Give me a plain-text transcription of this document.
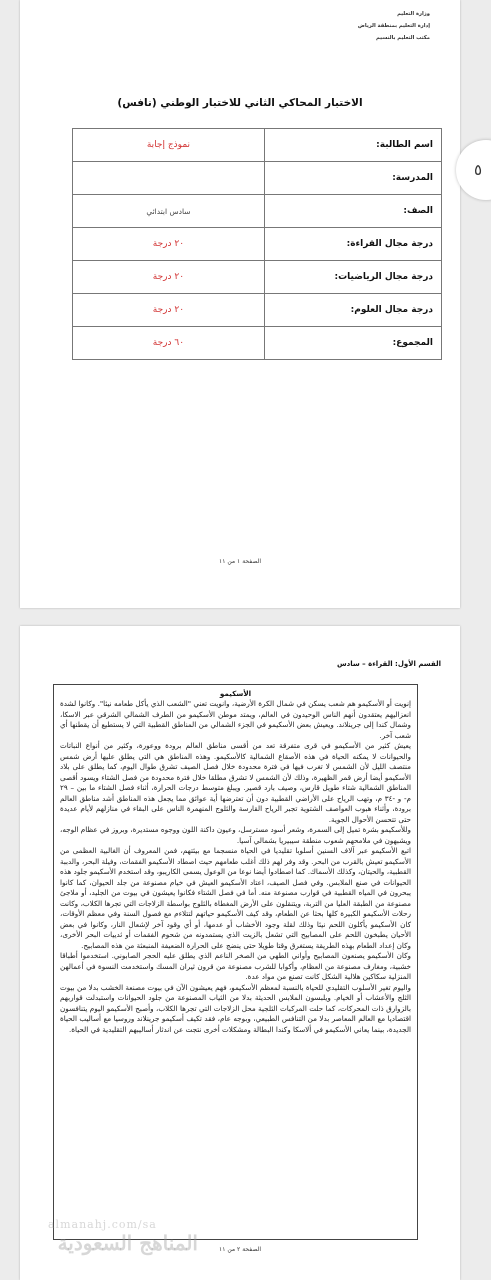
وزارة التعليم
إدارة التعليم بمنطقة الرياض
مكتب التعليم بالنسيم
الاختبار المحاكي الثاني للاختبار الوطني (نافس)
اسم الطالبة:	نموذج إجابة
المدرسة:	
الصف:	سادس ابتدائي
درجة مجال القراءة:	٢٠ درجة
درجة مجال الرياضيات:	٢٠ درجة
درجة مجال العلوم:	٢٠ درجة
المجموع:	٦٠ درجة
الصفحة ١ من ١١
٥
القسم الأول: القراءة – سادس
الأسكيمو

إنويت أو الأسكيمو هم شعب يسكن في شمال الكرة الأرضية، وانويت تعني "الشعب الذي يأكل طعامه نيئا". وكانوا لشدة انعزاليهم يعتقدون أنهم الناس الوحيدون في العالم، ويمتد موطن الأسكيمو من الطرف الشمالي الشرقي عبر الاسكا، وشمال كندا إلى جرينلاند. ويعيش بعض الأسكيمو في الجزء الشمالي من المناطق القطبية التي لا يستطيع أن يقطنها أي شعب آخر.

يعيش كثير من الأسكيمو في قرى متفرقة تعد من أقسى مناطق العالم برودة ووعورة، وكثير من أنواع النباتات والحيوانات لا يمكنه الحياة في هذه الأصقاع الشمالية كالأسكيمو. وهذه المناطق هي التي يطلق عليها أرض شمس منتصف الليل لأن الشمس لا تغرب فيها في فترة محدودة خلال فصل الصيف تشرق طوال اليوم، كما يطلق على بلاد الأسكيمو أيضا أرض قمر الظهيرة، وذلك لأن الشمس لا تشرق مطلقا خلال فترة محدودة من فصل الشتاء ويسود أقصى المناطق الشمالية شتاء طويل قارس، وصيف بارد قصير. ويبلغ متوسط درجات الحرارة، أثناء فصل الشتاء ما بين – ٢٩ م- و -٣٤ م، وتهب الرياح على الأراضي القطبية دون أن تعترضها أية عوائق مما يجعل هذه المناطق أشد مناطق العالم برودة، وأثناء هبوب العواصف الشتوية تجبر الرياح القارسة والثلوج المنهمرة الناس على البقاء في منازلهم لأيام عديدة حتى تتحسن الأحوال الجوية.

وللأسكيمو بشرة تميل إلى السمرة، وشعر أسود مسترسل، وعيون داكنة اللون ووجوه مستديرة، وبروز في عظام الوجه، ويشبهون في ملامحهم شعوب منطقة سيبيريا بشمالي آسيا.

اتبع الأسكيمو عبر آلاف السنين أسلوبا تقليديا في الحياة منسجما مع بيئتهم، فمن المعروف أن الغالبية العظمى من الأسكيمو تعيش بالقرب من البحر. وقد وفر لهم ذلك أغلب طعامهم حيث اصطاد الأسكيمو الفقمات، وفيلة البحر، والدببة القطبية، والحيتان، وكذلك الأسماك. كما اصطادوا أيضا نوعا من الوعول يسمى الكاريبو، وقد استخدم الأسكيمو جلود هذه الحيوانات في صنع الملابس. وفي فصل الصيف، اعتاد الأسكيمو العيش في خيام مصنوعة من جلد الحيوان، كما كانوا يبحرون في المياه القطبية في قوارب مصنوعة منه. أما في فصل الشتاء فكانوا يعيشون في بيوت من الجليد، أو ملاجئ مصنوعة من الطبقة العليا من التربة، ويتنقلون على الأرض المغطاة بالثلوج بواسطة الزلاجات التي تجرها الكلاب، وكانت رحلات الأسكيمو الكبيرة كلها بحثا عن الطعام، وقد كيف الأسكيمو حياتهم لتتلاءم مع فصول السنة وفي معظم الأوقات، كان الأسكيمو يأكلون اللحم نيئا وذلك لقلة وجود الأخشاب أو عدمها، أو أي وقود آخر لإشعال النار، وكانوا في بعض الأحيان يطبخون اللحم على المصابيح التي تشعل بالزيت الذي يستمدونه من شحوم الفقمات أو ثدييات البحر الأخرى، وكان إعداد الطعام بهذه الطريقة يستغرق وقتا طويلا حتى ينضج على الحرارة الضعيفة المنبعثة من هذه المصابيح.

وكان الأسكيمو يصنعون المصابيح وأواني الطهي من الصخر الناعم الذي يطلق عليه الحجر الصابوني. استخدموا أطباقا خشبية، ومغارف مصنوعة من العظام، وأكوابا للشرب مصنوعة من قرون ثيران المسك واستخدمت النسوة في أعمالهن المنزلية سكاكين هلالية الشكل كانت تصنع من مواد عدة.

واليوم تغير الأسلوب التقليدي للحياة بالنسبة لمعظم الأسكيمو، فهم يعيشون الآن في بيوت مصنعة الخشب بدلا من بيوت الثلج والأعشاب أو الخيام. ويلبسون الملابس الحديثة بدلا من الثياب المصنوعة من جلود الحيوانات واستبدلت قواربهم بالزوارق ذات المحركات، كما حلت المركبات الثلجية محل الزلاجات التي تجرها الكلاب، وأصبح الأسكيمو اليوم يتنافسون اقتصاديا مع العالم المعاصر بدلا من التنافس الطبيعي، وبوجه عام، فقد تكيف أسكيمو جرينلاند وروسيا مع أساليب الحياة الجديدة، بينما يعاني الأسكيمو في ألاسكا وكندا البطالة ومشكلات أخرى نتجت عن اندثار أساليبهم التقليدية في الحياة.

الصفحة ٢ من ١١
almanahj.com/sa
المناهج السعودية
